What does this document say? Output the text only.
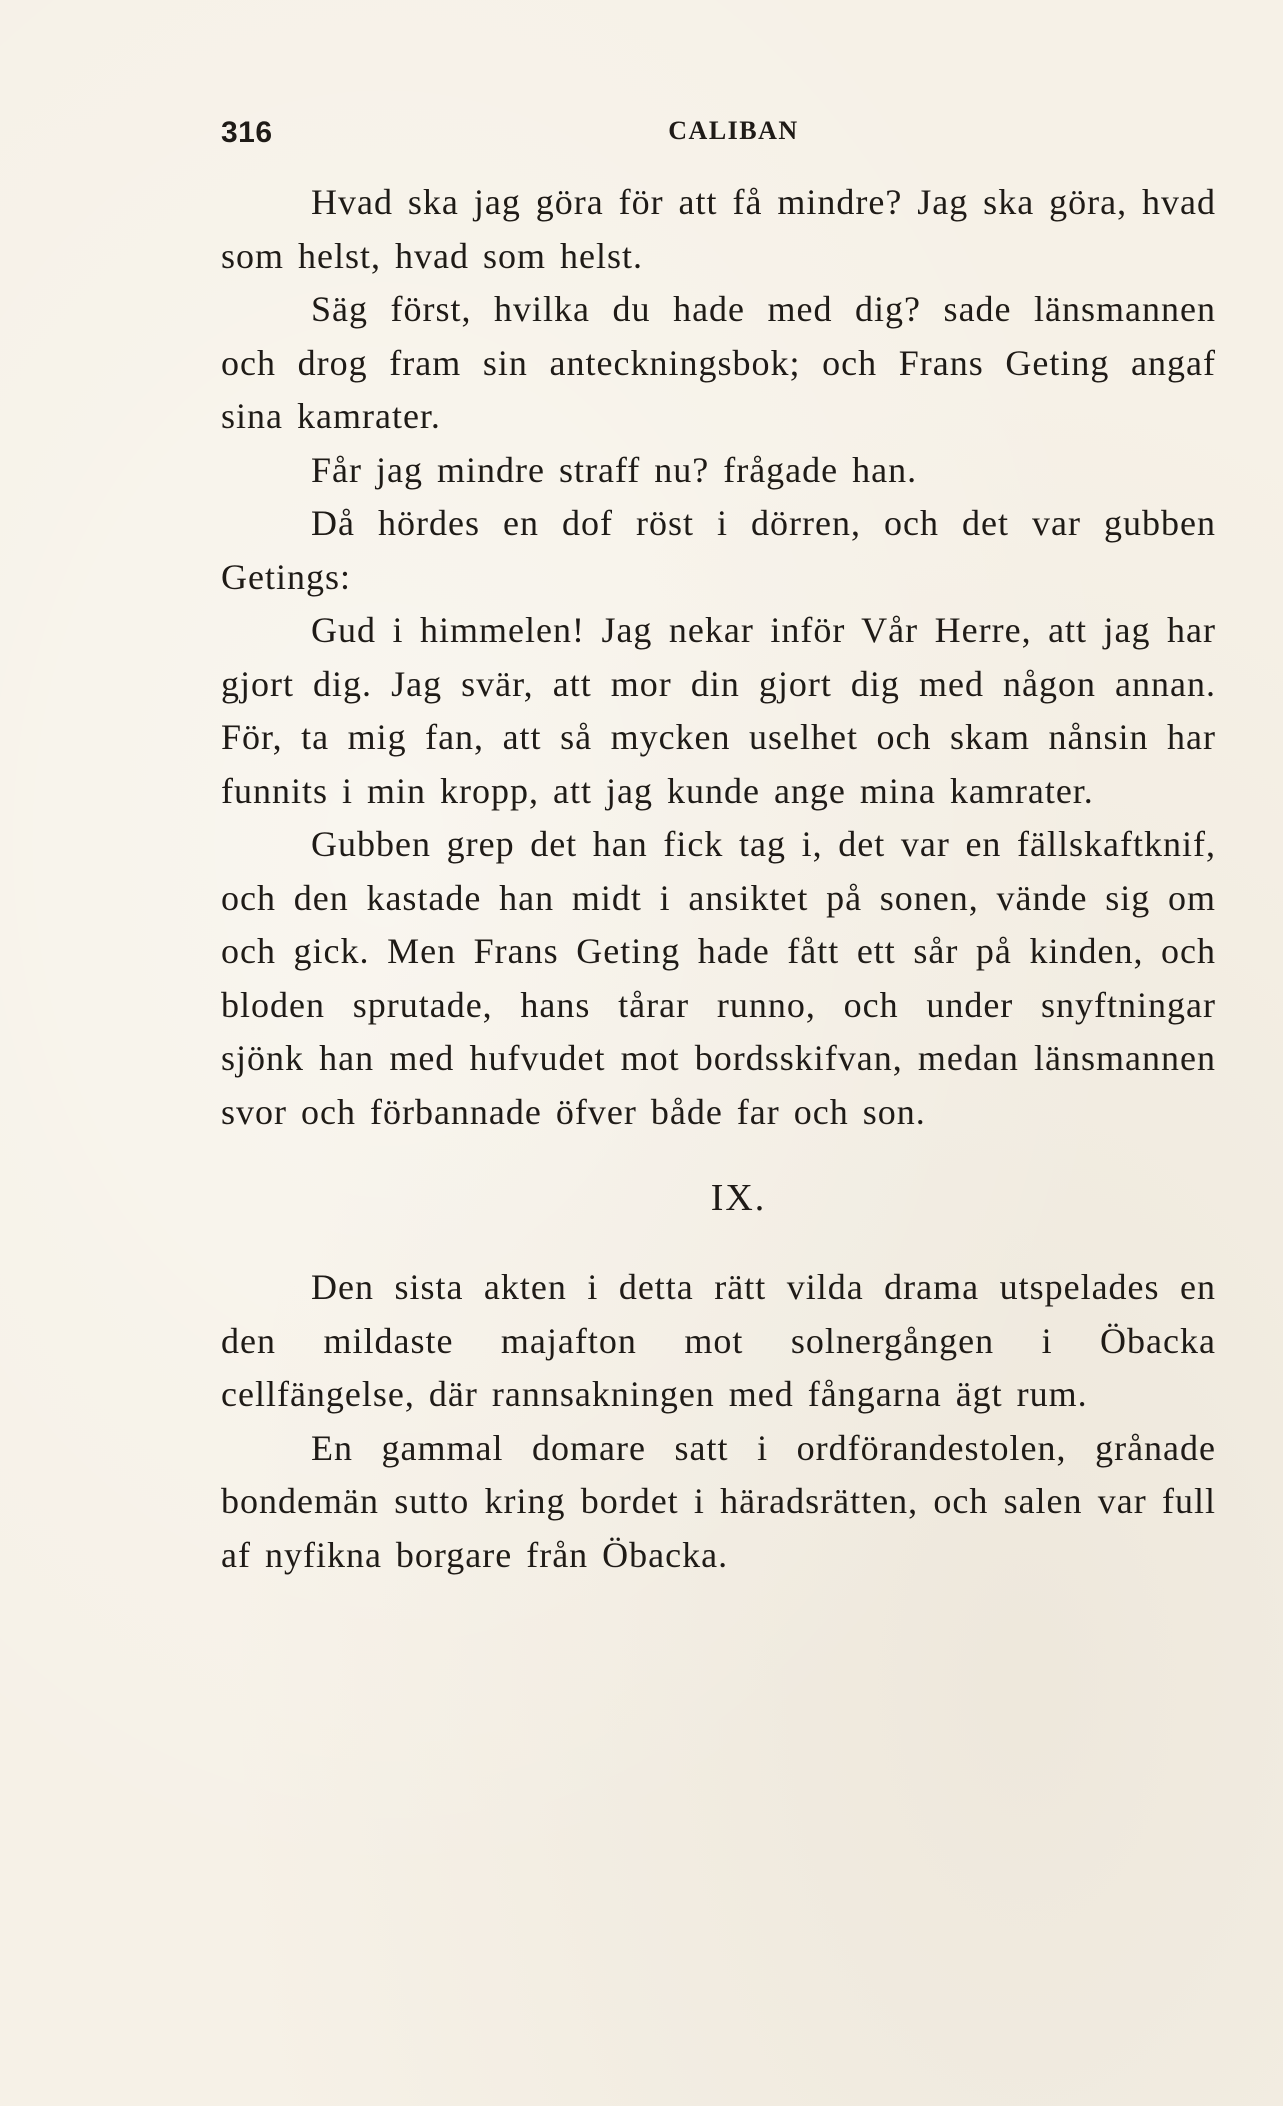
316	CALIBAN

Hvad ska jag göra för att få mindre? Jag ska göra, hvad som helst, hvad som helst.

Säg först, hvilka du hade med dig? sade länsmannen och drog fram sin anteckningsbok; och Frans Geting angaf sina kamrater.

Får jag mindre straff nu? frågade han.

Då hördes en dof röst i dörren, och det var gubben Getings:

Gud i himmelen! Jag nekar inför Vår Herre, att jag har gjort dig. Jag svär, att mor din gjort dig med någon annan. För, ta mig fan, att så mycken uselhet och skam nånsin har funnits i min kropp, att jag kunde ange mina kamrater.

Gubben grep det han fick tag i, det var en fällskaftknif, och den kastade han midt i ansiktet på sonen, vände sig om och gick. Men Frans Geting hade fått ett sår på kinden, och bloden sprutade, hans tårar runno, och under snyftningar sjönk han med hufvudet mot bordsskifvan, medan länsmannen svor och förbannade öfver både far och son.

IX.

Den sista akten i detta rätt vilda drama utspelades en den mildaste majafton mot solnergången i Öbacka cellfängelse, där rannsakningen med fångarna ägt rum.

En gammal domare satt i ordförandestolen, grånade bondemän sutto kring bordet i häradsrätten, och salen var full af nyfikna borgare från Öbacka.
